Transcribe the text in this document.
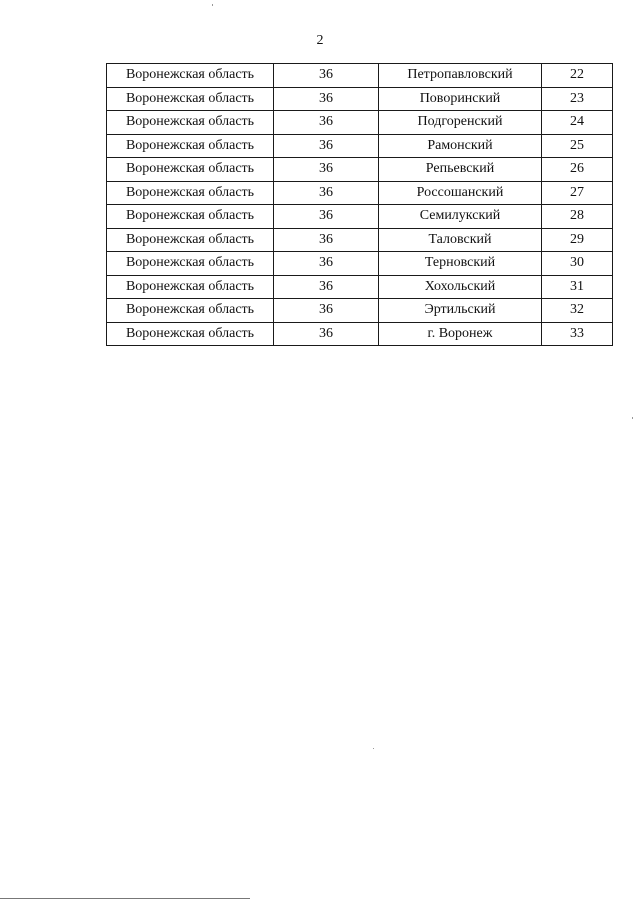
2
Воронежская область	36	Петропавловский	22
Воронежская область	36	Поворинский	23
Воронежская область	36	Подгоренский	24
Воронежская область	36	Рамонский	25
Воронежская область	36	Репьевский	26
Воронежская область	36	Россошанский	27
Воронежская область	36	Семилукский	28
Воронежская область	36	Таловский	29
Воронежская область	36	Терновский	30
Воронежская область	36	Хохольский	31
Воронежская область	36	Эртильский	32
Воронежская область	36	г. Воронеж	33
